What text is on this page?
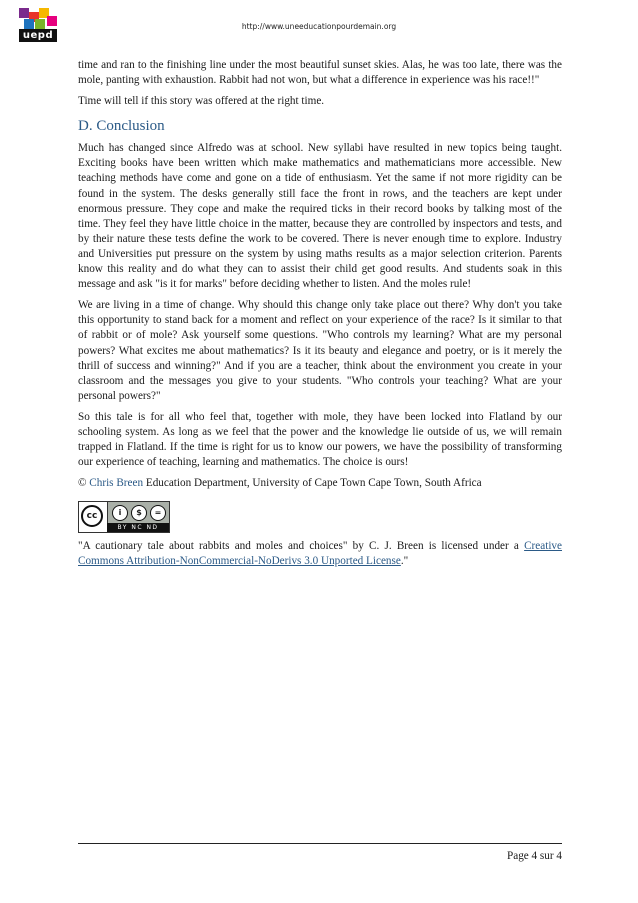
uepd
http://www.uneeducationpourdemain.org

time and ran to the finishing line under the most beautiful sunset skies. Alas, he was too late, there was the mole, panting with exhaustion. Rabbit had not won, but what a difference in experience was his race!!"

Time will tell if this story was offered at the right time.

D. Conclusion

Much has changed since Alfredo was at school. New syllabi have resulted in new topics being taught. Exciting books have been written which make mathematics and mathematicians more accessible. New teaching methods have come and gone on a tide of enthusiasm. Yet the same if not more rigidity can be found in the system. The desks generally still face the front in rows, and the teachers are kept under enormous pressure. They cope and make the required ticks in their record books by talking most of the time. They feel they have little choice in the matter, because they are controlled by inspectors and tests, and by their nature these tests define the work to be covered. There is never enough time to explore. Industry and Universities put pressure on the system by using maths results as a major selection criterion. Parents know this reality and do what they can to assist their child get good results. And students soak in this message and ask "is it for marks" before deciding whether to listen. And the moles rule!

We are living in a time of change. Why should this change only take place out there? Why don't you take this opportunity to stand back for a moment and reflect on your experience of the race? Is it similar to that of rabbit or of mole? Ask yourself some questions. "Who controls my learning? What are my personal powers? What excites me about mathematics? Is it its beauty and elegance and poetry, or is it merely the thrill of success and winning?" And if you are a teacher, think about the environment you create in your classroom and the messages you give to your students. "Who controls your teaching? What are your personal powers?"

So this tale is for all who feel that, together with mole, they have been locked into Flatland by our schooling system. As long as we feel that the power and the knowledge lie outside of us, we will remain trapped in Flatland. If the time is right for us to know our powers, we have the possibility of transforming our experience of teaching, learning and mathematics. The choice is ours!

© Chris Breen Education Department, University of Cape Town Cape Town, South Africa

cc	i	$	=
BY NC ND

"A cautionary tale about rabbits and moles and choices" by C. J. Breen is licensed under a Creative Commons Attribution-NonCommercial-NoDerivs 3.0 Unported License."

Page 4 sur 4
